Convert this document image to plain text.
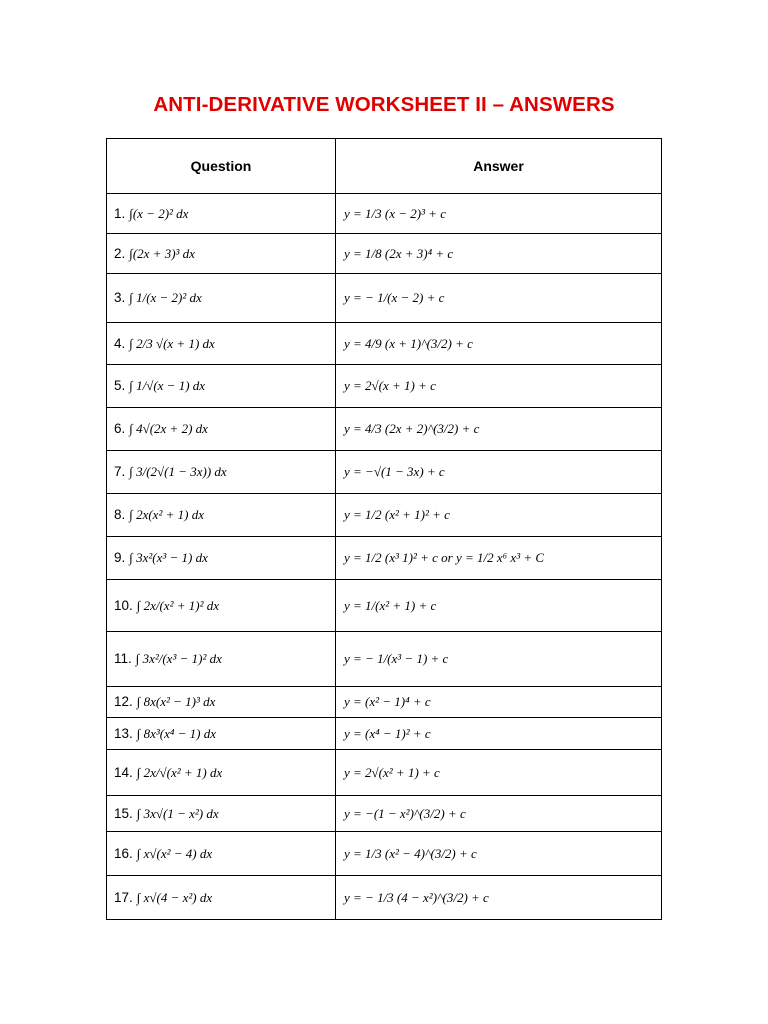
ANTI-DERIVATIVE WORKSHEET II – ANSWERS
Question	Answer
1. ∫(x − 2)² dx	y = 1/3 (x − 2)³ + c
2. ∫(2x + 3)³ dx	y = 1/8 (2x + 3)⁴ + c
3. ∫ 1/(x − 2)² dx	y = − 1/(x − 2) + c
4. ∫ 2/3 √(x + 1) dx	y = 4/9 (x + 1)^(3/2) + c
5. ∫ 1/√(x − 1) dx	y = 2√(x + 1) + c
6. ∫ 4√(2x + 2) dx	y = 4/3 (2x + 2)^(3/2) + c
7. ∫ 3/(2√(1 − 3x)) dx	y = −√(1 − 3x) + c
8. ∫ 2x(x² + 1) dx	y = 1/2 (x² + 1)² + c
9. ∫ 3x²(x³ − 1) dx	y = 1/2 (x³ 1)² + c or y = 1/2 x⁶ x³ + C
10. ∫ 2x/(x² + 1)² dx	y = 1/(x² + 1) + c
11. ∫ 3x²/(x³ − 1)² dx	y = − 1/(x³ − 1) + c
12. ∫ 8x(x² − 1)³ dx	y = (x² − 1)⁴ + c
13. ∫ 8x³(x⁴ − 1) dx	y = (x⁴ − 1)² + c
14. ∫ 2x/√(x² + 1) dx	y = 2√(x² + 1) + c
15. ∫ 3x√(1 − x²) dx	y = −(1 − x²)^(3/2) + c
16. ∫ x√(x² − 4) dx	y = 1/3 (x² − 4)^(3/2) + c
17. ∫ x√(4 − x²) dx	y = − 1/3 (4 − x²)^(3/2) + c
